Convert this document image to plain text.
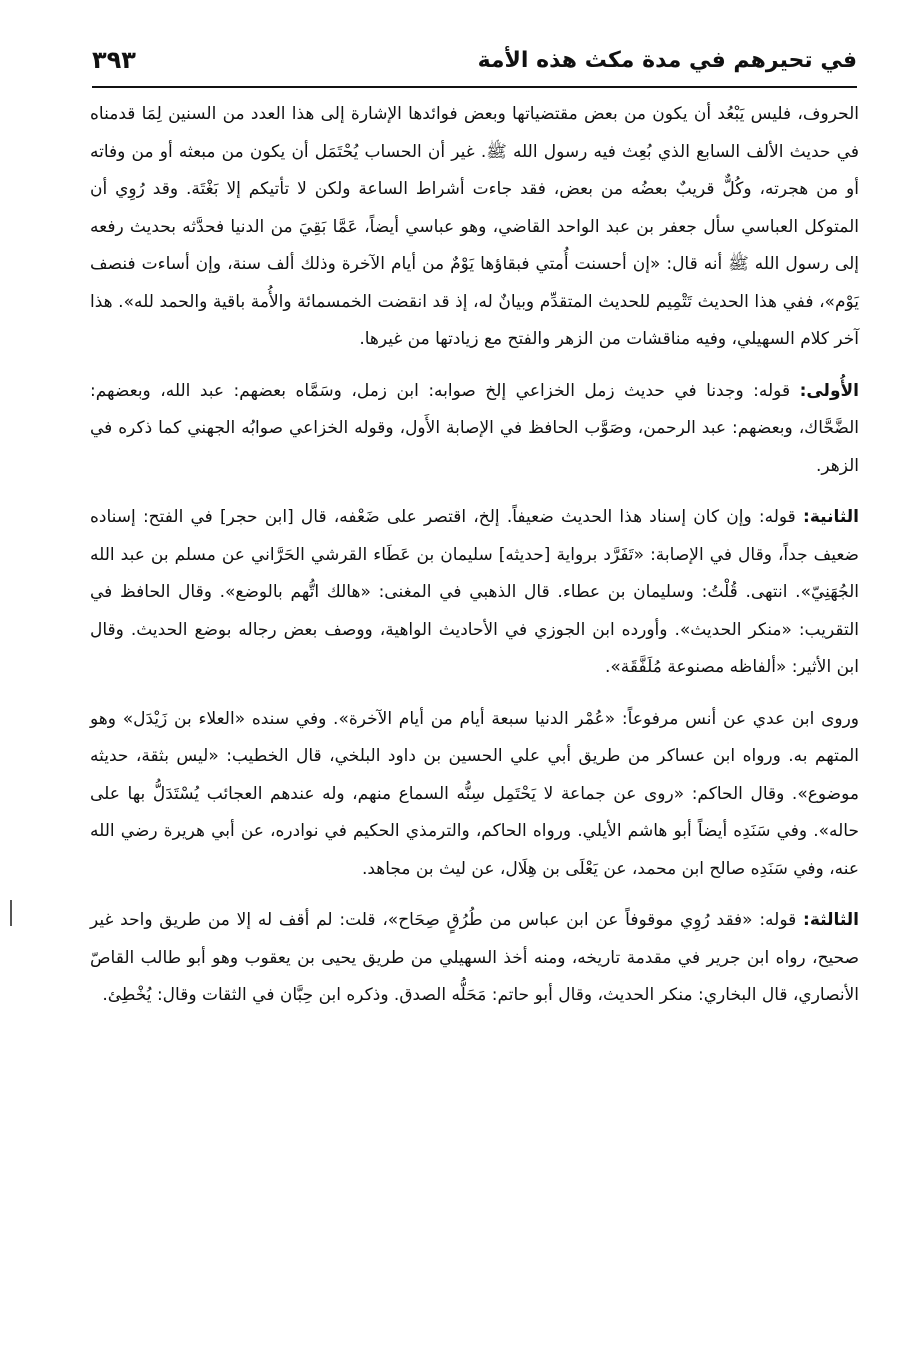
في تحيرهم في مدة مكث هذه الأمة
٣٩٣

الحروف، فليس يَبْعُد أن يكون من بعض مقتضياتها وبعض فوائدها الإشارة إلى هذا العدد من السنين لِمَا قدمناه في حديث الألف السابع الذي بُعِث فيه رسول الله ﷺ. غير أن الحساب يُحْتَمَل أن يكون من مبعثه أو من وفاته أو من هجرته، وكُلٌّ قريبٌ بعضُه من بعض، فقد جاءت أشراط الساعة ولكن لا تأتيكم إلا بَغْتَة. وقد رُوِي أن المتوكل العباسي سأل جعفر بن عبد الواحد القاضي، وهو عباسي أيضاً، عَمَّا بَقِيَ من الدنيا فحدَّثه بحديث رفعه إلى رسول الله ﷺ أنه قال: «إن أحسنت أُمتي فبقاؤها يَوْمٌ من أيام الآخرة وذلك ألف سنة، وإن أساءت فنصف يَوْم»، ففي هذا الحديث تَتْمِيم للحديث المتقدِّم وبيانٌ له، إذ قد انقضت الخمسمائة والأُمة باقية والحمد لله». هذا آخر كلام السهيلي، وفيه مناقشات من الزهر والفتح مع زيادتها من غيرها.

الأُولى: قوله: وجدنا في حديث زمل الخزاعي إلخ صوابه: ابن زمل، وسَمَّاه بعضهم: عبد الله، وبعضهم: الضَّحَّاك، وبعضهم: عبد الرحمن، وصَوَّب الحافظ في الإصابة الأَول، وقوله الخزاعي صوابُه الجهني كما ذكره في الزهر.

الثانية: قوله: وإن كان إسناد هذا الحديث ضعيفاً. إلخ، اقتصر على ضَعْفه، قال [ابن حجر] في الفتح: إسناده ضعيف جداً، وقال في الإصابة: «تَفَرَّد برواية [حديثه] سليمان بن عَطَاء القرشي الحَرَّاني عن مسلم بن عبد الله الجُهَنِيّ». انتهى. قُلْتُ: وسليمان بن عطاء. قال الذهبي في المغنى: «هالك اتُّهم بالوضع». وقال الحافظ في التقريب: «منكر الحديث». وأورده ابن الجوزي في الأحاديث الواهية، ووصف بعض رجاله بوضع الحديث. وقال ابن الأثير: «ألفاظه مصنوعة مُلَفَّقَة».

وروى ابن عدي عن أنس مرفوعاً: «عُمْر الدنيا سبعة أيام من أيام الآخرة». وفي سنده «العلاء بن زَيْدَل» وهو المتهم به. ورواه ابن عساكر من طريق أبي علي الحسين بن داود البلخي، قال الخطيب: «ليس بثقة، حديثه موضوع». وقال الحاكم: «روى عن جماعة لا يَحْتَمِل سِنُّه السماع منهم، وله عندهم العجائب يُسْتَدَلُّ بها على حاله». وفي سَنَدِه أيضاً أبو هاشم الأيلي. ورواه الحاكم، والترمذي الحكيم في نوادره، عن أبي هريرة رضي الله عنه، وفي سَنَدِه صالح ابن محمد، عن يَعْلَى بن هِلَال، عن ليث بن مجاهد.

الثالثة: قوله: «فقد رُوِي موقوفاً عن ابن عباس من طُرُقٍ صِحَاح»، قلت: لم أقف له إلا من طريق واحد غير صحيح، رواه ابن جرير في مقدمة تاريخه، ومنه أخذ السهيلي من طريق يحيى بن يعقوب وهو أبو طالب القاصّ الأنصاري، قال البخاري: منكر الحديث، وقال أبو حاتم: مَحَلُّه الصدق. وذكره ابن حِبَّان في الثقات وقال: يُخْطِئ.
